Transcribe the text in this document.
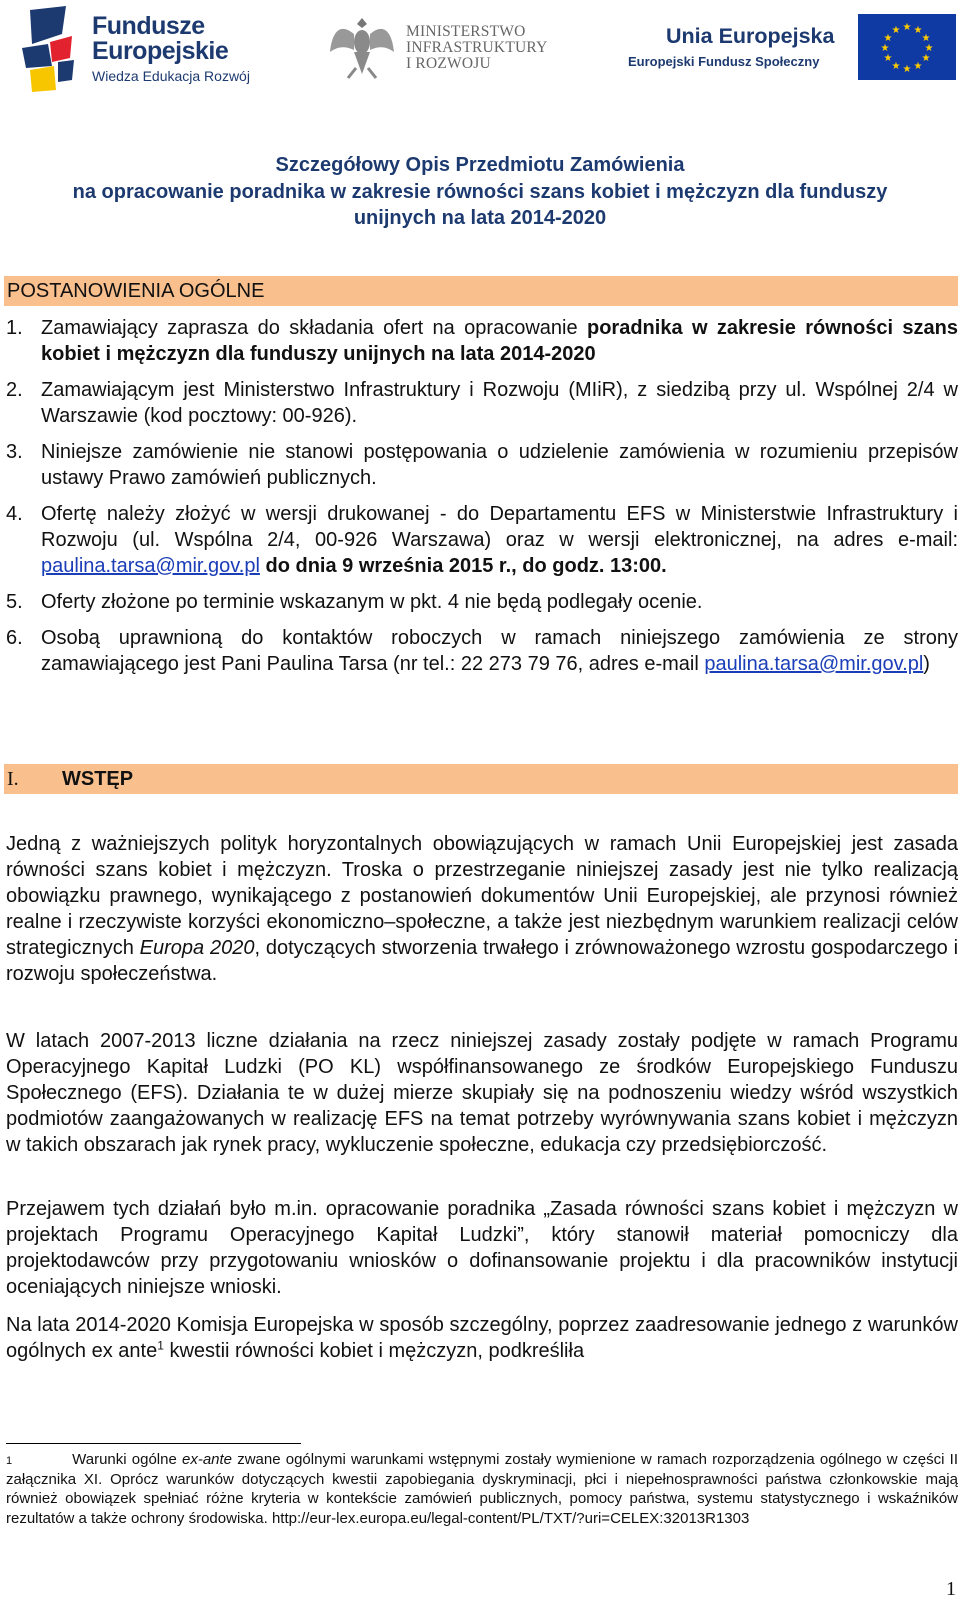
Fundusze
Europejskie
Wiedza Edukacja Rozwój
MINISTERSTWO
INFRASTRUKTURY
I ROZWOJU
Unia Europejska
Europejski Fundusz Społeczny
★ ★
★
★
★
★
★
★
★
★
★
★
Szczegółowy Opis Przedmiotu Zamówienia
na opracowanie poradnika w zakresie równości szans kobiet i mężczyzn dla funduszy
unijnych na lata 2014-2020
POSTANOWIENIA OGÓLNE

1. Zamawiający zaprasza do składania ofert na opracowanie poradnika w zakresie równości szans kobiet i mężczyzn dla funduszy unijnych na lata 2014-2020

2. Zamawiającym jest Ministerstwo Infrastruktury i Rozwoju (MIiR), z siedzibą przy ul. Wspólnej 2/4 w Warszawie (kod pocztowy: 00-926).

3. Niniejsze zamówienie nie stanowi postępowania o udzielenie zamówienia w rozumieniu przepisów ustawy Prawo zamówień publicznych.

4. Ofertę należy złożyć w wersji drukowanej - do Departamentu EFS w Ministerstwie Infrastruktury i Rozwoju (ul. Wspólna 2/4, 00-926 Warszawa) oraz w wersji elektronicznej, na adres e-mail: paulina.tarsa@mir.gov.pl do dnia 9 września 2015 r., do godz. 13:00.

5. Oferty złożone po terminie wskazanym w pkt. 4 nie będą podlegały ocenie.

6. Osobą uprawnioną do kontaktów roboczych w ramach niniejszego zamówienia ze strony zamawiającego jest Pani Paulina Tarsa (nr tel.: 22 273 79 76, adres e-mail paulina.tarsa@mir.gov.pl)

I. WSTĘP

Jedną z ważniejszych polityk horyzontalnych obowiązujących w ramach Unii Europejskiej jest zasada równości szans kobiet i mężczyzn. Troska o przestrzeganie niniejszej zasady jest nie tylko realizacją obowiązku prawnego, wynikającego z postanowień dokumentów Unii Europejskiej, ale przynosi również realne i rzeczywiste korzyści ekonomiczno–społeczne, a także jest niezbędnym warunkiem realizacji celów strategicznych Europa 2020, dotyczących stworzenia trwałego i zrównoważonego wzrostu gospodarczego i rozwoju społeczeństwa.

W latach 2007-2013 liczne działania na rzecz niniejszej zasady zostały podjęte w ramach Programu Operacyjnego Kapitał Ludzki (PO KL) współfinansowanego ze środków Europejskiego Funduszu Społecznego (EFS). Działania te w dużej mierze skupiały się na podnoszeniu wiedzy wśród wszystkich podmiotów zaangażowanych w realizację EFS na temat potrzeby wyrównywania szans kobiet i mężczyzn w takich obszarach jak rynek pracy, wykluczenie społeczne, edukacja czy przedsiębiorczość.

Przejawem tych działań było m.in. opracowanie poradnika „Zasada równości szans kobiet i mężczyzn w projektach Programu Operacyjnego Kapitał Ludzki”, który stanowił materiał pomocniczy dla projektodawców przy przygotowaniu wniosków o dofinansowanie projektu i dla pracowników instytucji oceniających niniejsze wnioski.

Na lata 2014-2020 Komisja Europejska w sposób szczególny, poprzez zaadresowanie jednego z warunków ogólnych ex ante$^1$ kwestii równości kobiet i mężczyzn, podkreśliła

$^1$	Warunki ogólne ex-ante zwane ogólnymi warunkami wstępnymi zostały wymienione w ramach rozporządzenia ogólnego w części II załącznika XI. Oprócz warunków dotyczących kwestii zapobiegania dyskryminacji, płci i niepełnosprawności państwa członkowskie mają również obowiązek spełniać różne kryteria w kontekście zamówień publicznych, pomocy państwa, systemu statystycznego i wskaźników rezultatów a także ochrony środowiska. http://eur-lex.europa.eu/legal-content/PL/TXT/?uri=CELEX:32013R1303

1
